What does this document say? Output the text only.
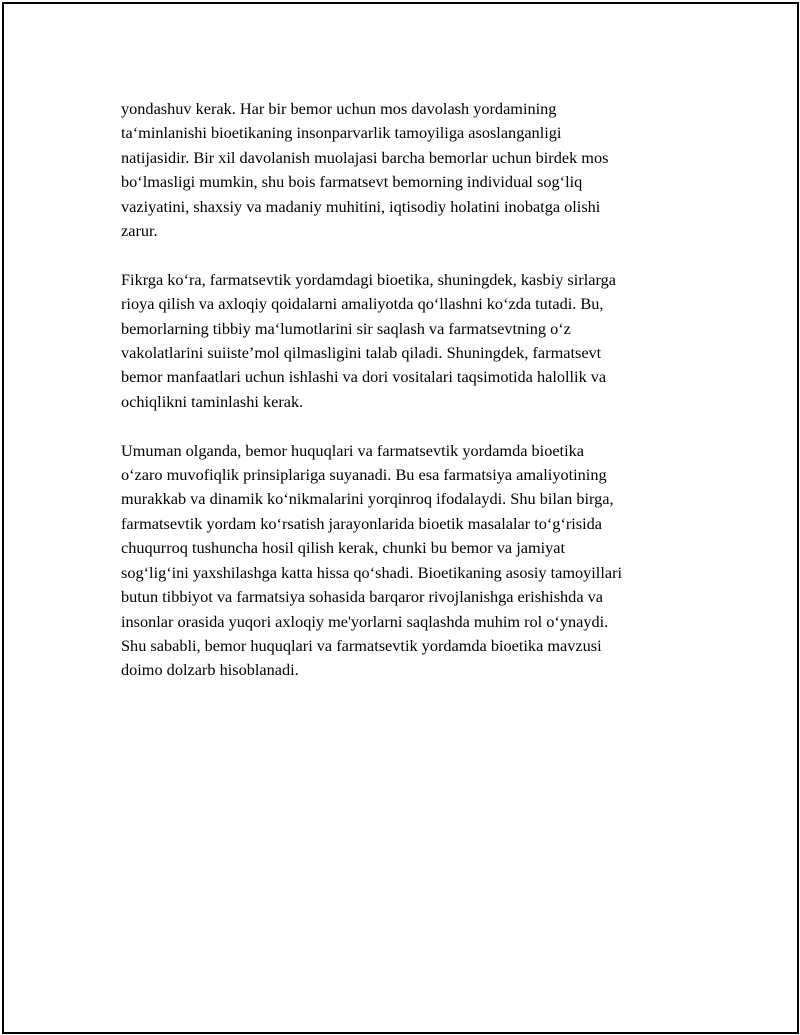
yondashuv kerak. Har bir bemor uchun mos davolash yordamining
ta‘minlanishi bioetikaning insonparvarlik tamoyiliga asoslanganligi
natijasidir. Bir xil davolanish muolajasi barcha bemorlar uchun birdek mos
bo‘lmasligi mumkin, shu bois farmatsevt bemorning individual sog‘liq
vaziyatini, shaxsiy va madaniy muhitini, iqtisodiy holatini inobatga olishi
zarur.

Fikrga ko‘ra, farmatsevtik yordamdagi bioetika, shuningdek, kasbiy sirlarga
rioya qilish va axloqiy qoidalarni amaliyotda qo‘llashni ko‘zda tutadi. Bu,
bemorlarning tibbiy ma‘lumotlarini sir saqlash va farmatsevtning o‘z
vakolatlarini suiiste’mol qilmasligini talab qiladi. Shuningdek, farmatsevt
bemor manfaatlari uchun ishlashi va dori vositalari taqsimotida halollik va
ochiqlikni taminlashi kerak.

Umuman olganda, bemor huquqlari va farmatsevtik yordamda bioetika
o‘zaro muvofiqlik prinsiplariga suyanadi. Bu esa farmatsiya amaliyotining
murakkab va dinamik ko‘nikmalarini yorqinroq ifodalaydi. Shu bilan birga,
farmatsevtik yordam ko‘rsatish jarayonlarida bioetik masalalar to‘g‘risida
chuqurroq tushuncha hosil qilish kerak, chunki bu bemor va jamiyat
sog‘lig‘ini yaxshilashga katta hissa qo‘shadi. Bioetikaning asosiy tamoyillari
butun tibbiyot va farmatsiya sohasida barqaror rivojlanishga erishishda va
insonlar orasida yuqori axloqiy me'yorlarni saqlashda muhim rol o‘ynaydi.
Shu sababli, bemor huquqlari va farmatsevtik yordamda bioetika mavzusi
doimo dolzarb hisoblanadi.
